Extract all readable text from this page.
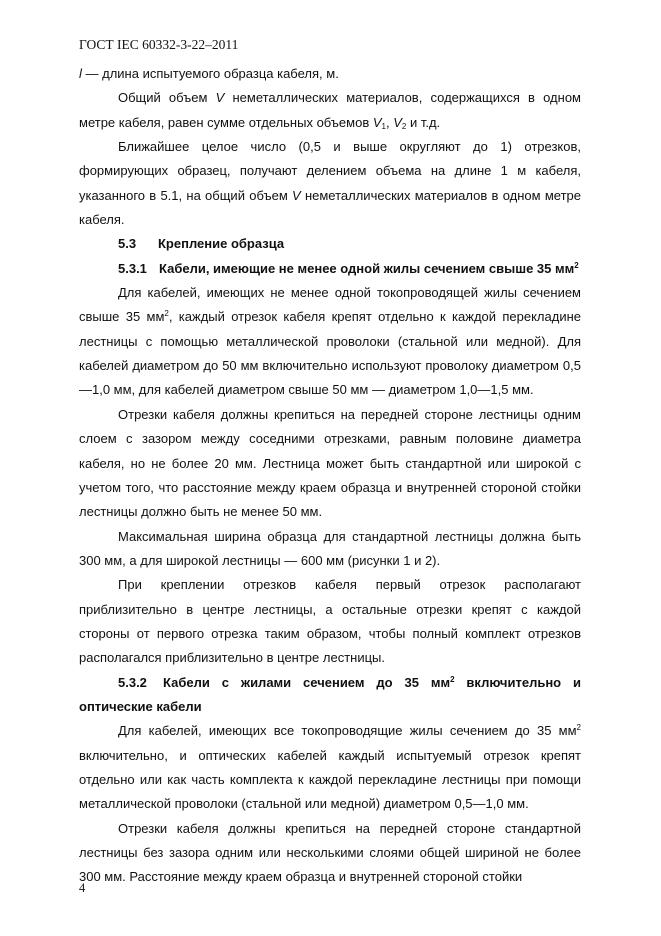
ГОСТ IEC 60332-3-22–2011

l — длина испытуемого образца кабеля, м.

Общий объем V неметаллических материалов, содержащихся в одном метре кабеля, равен сумме отдельных объемов $V_1$, $V_2$ и т.д.

Ближайшее целое число (0,5 и выше округляют до 1) отрезков, формирующих образец, получают делением объема на длине 1 м кабеля, указанного в 5.1, на общий объем V неметаллических материалов в одном метре кабеля.

5.3 Крепление образца

5.3.1 Кабели, имеющие не менее одной жилы сечением свыше 35 $мм^2$

Для кабелей, имеющих не менее одной токопроводящей жилы сечением свыше 35 $мм^2$, каждый отрезок кабеля крепят отдельно к каждой перекладине лестницы с помощью металлической проволоки (стальной или медной). Для кабелей диаметром до 50 мм включительно используют проволоку диаметром 0,5—1,0 мм, для кабелей диаметром свыше 50 мм — диаметром 1,0—1,5 мм.

Отрезки кабеля должны крепиться на передней стороне лестницы одним слоем с зазором между соседними отрезками, равным половине диаметра кабеля, но не более 20 мм. Лестница может быть стандартной или широкой с учетом того, что расстояние между краем образца и внутренней стороной стойки лестницы должно быть не менее 50 мм.

Максимальная ширина образца для стандартной лестницы должна быть 300 мм, а для широкой лестницы — 600 мм (рисунки 1 и 2).

При креплении отрезков кабеля первый отрезок располагают приблизительно в центре лестницы, а остальные отрезки крепят с каждой стороны от первого отрезка таким образом, чтобы полный комплект отрезков располагался приблизительно в центре лестницы.

5.3.2 Кабели с жилами сечением до 35 $мм^2$ включительно и оптические кабели

Для кабелей, имеющих все токопроводящие жилы сечением до 35 $мм^2$ включительно, и оптических кабелей каждый испытуемый отрезок крепят отдельно или как часть комплекта к каждой перекладине лестницы при помощи металлической проволоки (стальной или медной) диаметром 0,5—1,0 мм.

Отрезки кабеля должны крепиться на передней стороне стандартной лестницы без зазора одним или несколькими слоями общей шириной не более 300 мм. Расстояние между краем образца и внутренней стороной стойки

4
